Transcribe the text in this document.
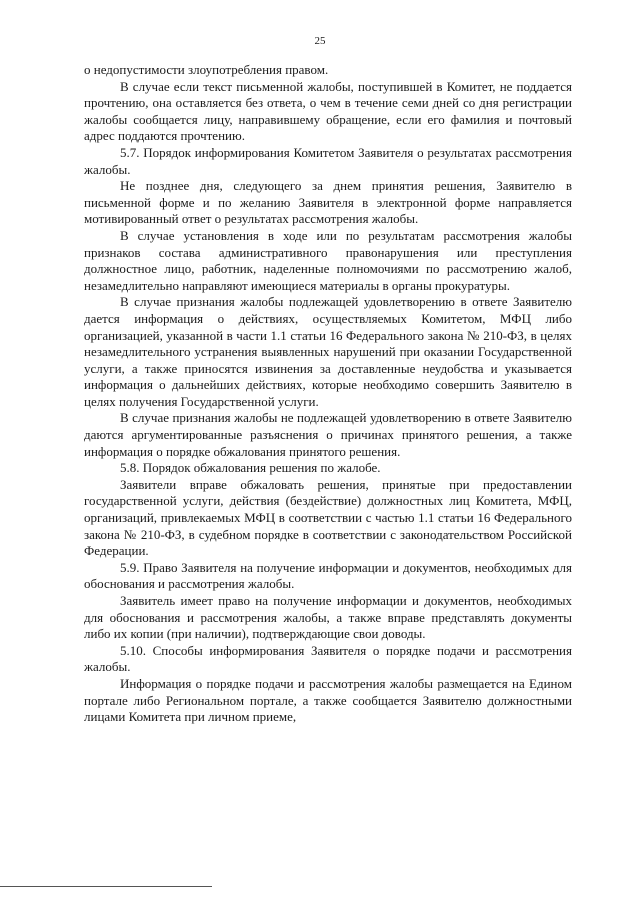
25

о недопустимости злоупотребления правом.

В случае если текст письменной жалобы, поступившей в Комитет, не поддается прочтению, она оставляется без ответа, о чем в течение семи дней со дня регистрации жалобы сообщается лицу, направившему обращение, если его фамилия и почтовый адрес поддаются прочтению.

5.7. Порядок информирования Комитетом Заявителя о результатах рассмотрения жалобы.

Не позднее дня, следующего за днем принятия решения, Заявителю в письменной форме и по желанию Заявителя в электронной форме направляется мотивированный ответ о результатах рассмотрения жалобы.

В случае установления в ходе или по результатам рассмотрения жалобы признаков состава административного правонарушения или преступления должностное лицо, работник, наделенные полномочиями по рассмотрению жалоб, незамедлительно направляют имеющиеся материалы в органы прокуратуры.

В случае признания жалобы подлежащей удовлетворению в ответе Заявителю дается информация о действиях, осуществляемых Комитетом, МФЦ либо организацией, указанной в части 1.1 статьи 16 Федерального закона № 210-ФЗ, в целях незамедлительного устранения выявленных нарушений при оказании Государственной услуги, а также приносятся извинения за доставленные неудобства и указывается информация о дальнейших действиях, которые необходимо совершить Заявителю в целях получения Государственной услуги.

В случае признания жалобы не подлежащей удовлетворению в ответе Заявителю даются аргументированные разъяснения о причинах принятого решения, а также информация о порядке обжалования принятого решения.

5.8. Порядок обжалования решения по жалобе.

Заявители вправе обжаловать решения, принятые при предоставлении государственной услуги, действия (бездействие) должностных лиц Комитета, МФЦ, организаций, привлекаемых МФЦ в соответствии с частью 1.1 статьи 16 Федерального закона № 210-ФЗ, в судебном порядке в соответствии с законодательством Российской Федерации.

5.9. Право Заявителя на получение информации и документов, необходимых для обоснования и рассмотрения жалобы.

Заявитель имеет право на получение информации и документов, необходимых для обоснования и рассмотрения жалобы, а также вправе представлять документы либо их копии (при наличии), подтверждающие свои доводы.

5.10. Способы информирования Заявителя о порядке подачи и рассмотрения жалобы.

Информация о порядке подачи и рассмотрения жалобы размещается на Едином портале либо Региональном портале, а также сообщается Заявителю должностными лицами Комитета при личном приеме,
